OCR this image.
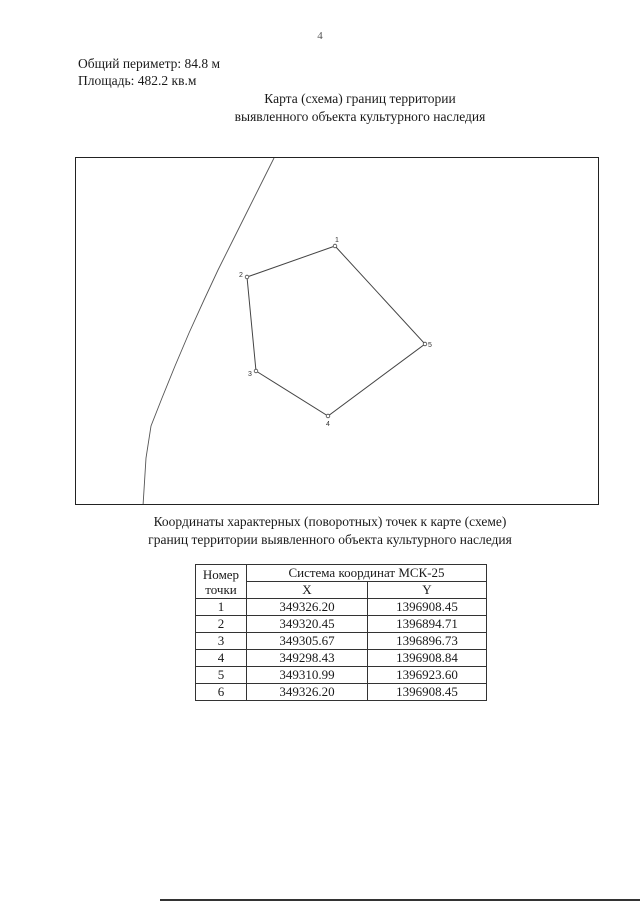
4
Общий периметр: 84.8 м
Площадь: 482.2 кв.м
Карта (схема) границ территории
выявленного объекта культурного наследия
1
2
3
4
5
Координаты характерных (поворотных) точек к карте (схеме)
границ территории выявленного объекта культурного наследия
Номер точки	Система координат МСК-25	
	X	Y
1	349326.20	1396908.45
2	349320.45	1396894.71
3	349305.67	1396896.73
4	349298.43	1396908.84
5	349310.99	1396923.60
6	349326.20	1396908.45
